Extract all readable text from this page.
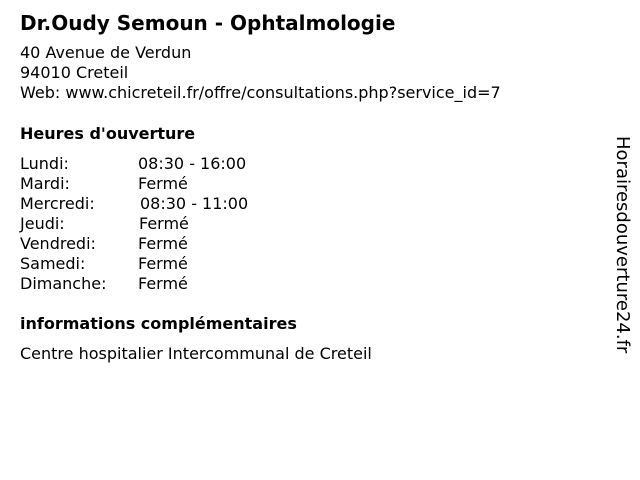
Dr.Oudy Semoun - Ophtalmologie
40 Avenue de Verdun
94010 Creteil
Web: www.chicreteil.fr/offre/consultations.php?service_id=7
Heures d'ouverture
Lundi:	08:30 - 16:00
Mardi:	Fermé
Mercredi:	08:30 - 11:00
Jeudi:	Fermé
Vendredi:	Fermé
Samedi:	Fermé
Dimanche: Fermé
informations complémentaires
Centre hospitalier Intercommunal de Creteil
Horairesdouverture24.fr
